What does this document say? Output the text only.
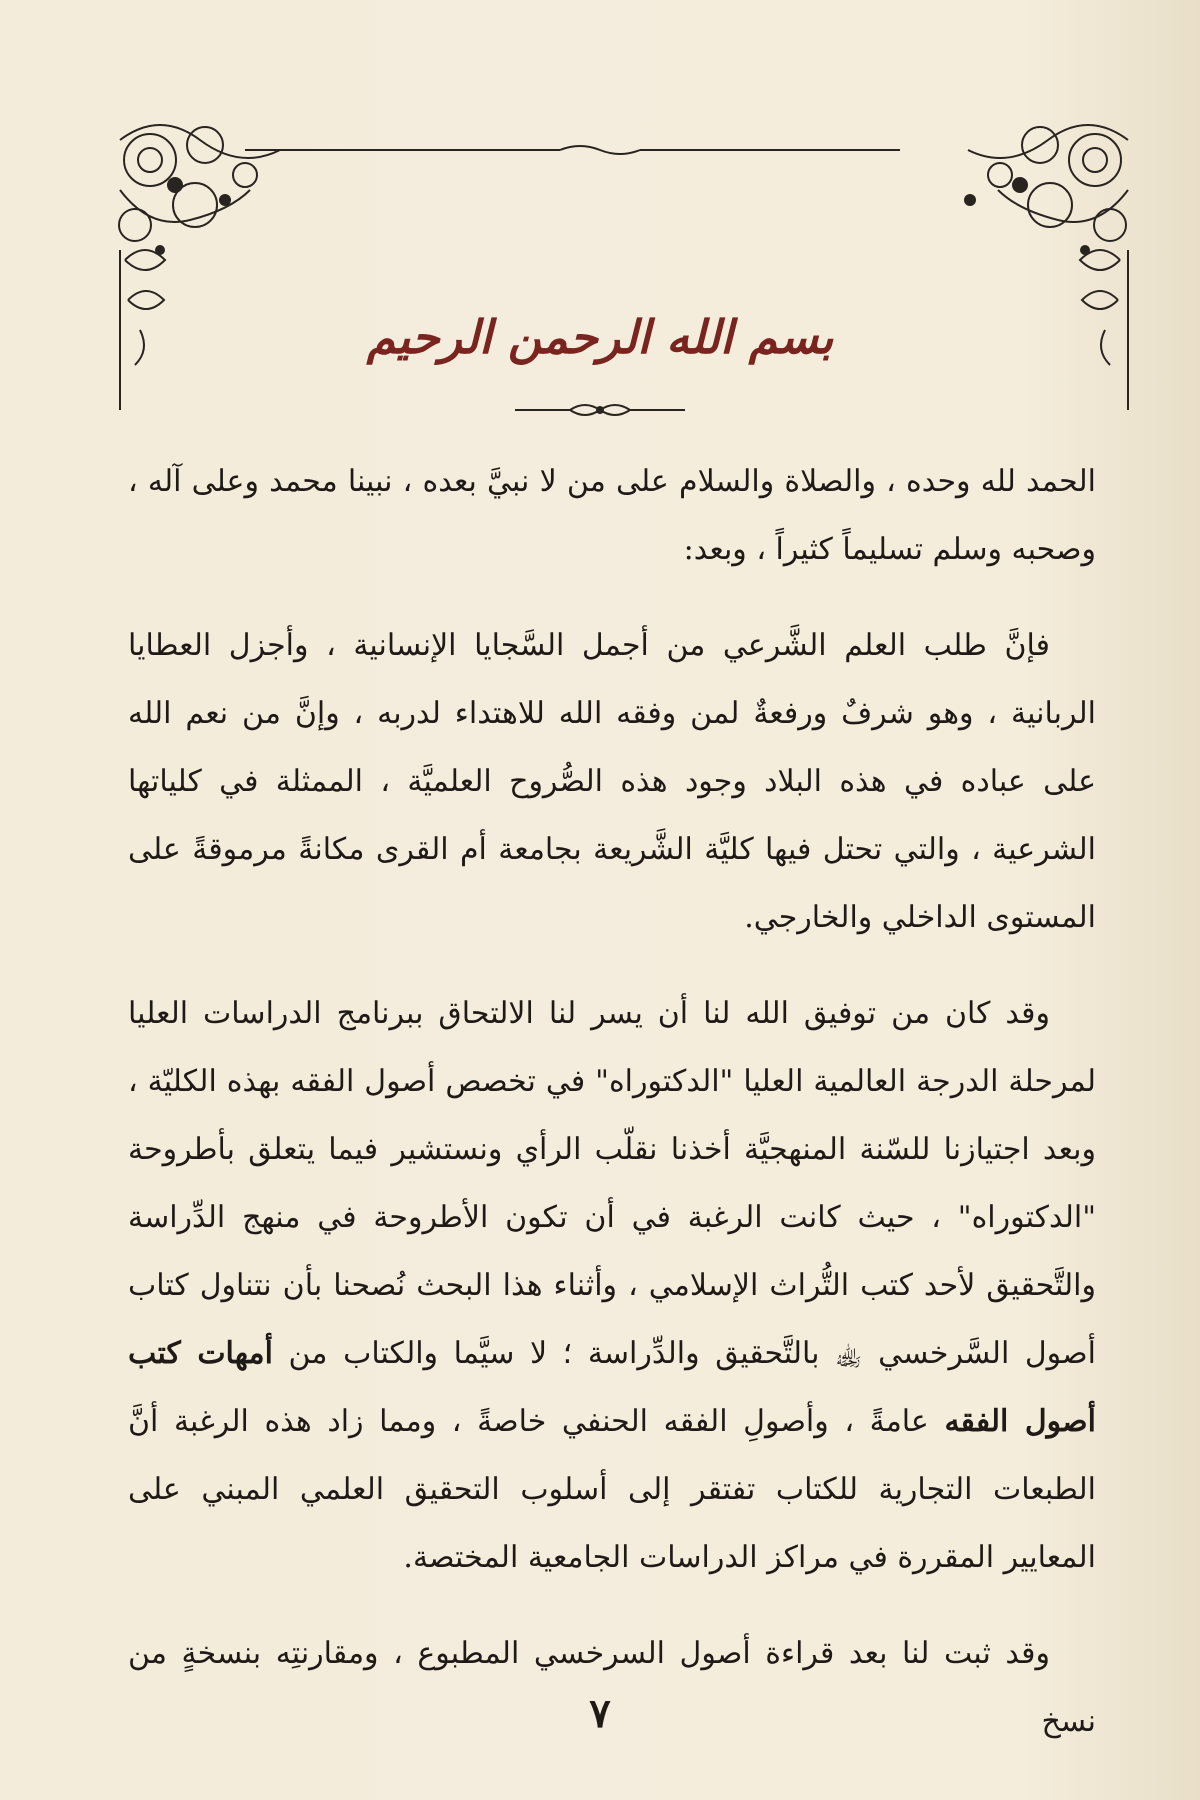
بسم الله الرحمن الرحيم

الحمد لله وحده ، والصلاة والسلام على من لا نبيَّ بعده ، نبينا محمد وعلى آله ، وصحبه وسلم تسليماً كثيراً ، وبعد:

فإنَّ طلب العلم الشَّرعي من أجمل السَّجايا الإنسانية ، وأجزل العطايا الربانية ، وهو شرفٌ ورفعةٌ لمن وفقه الله للاهتداء لدربه ، وإنَّ من نعم الله على عباده في هذه البلاد وجود هذه الصُّروح العلميَّة ، الممثلة في كلياتها الشرعية ، والتي تحتل فيها كليَّة الشَّريعة بجامعة أم القرى مكانةً مرموقةً على المستوى الداخلي والخارجي.

وقد كان من توفيق الله لنا أن يسر لنا الالتحاق ببرنامج الدراسات العليا لمرحلة الدرجة العالمية العليا "الدكتوراه" في تخصص أصول الفقه بهذه الكليّة ، وبعد اجتيازنا للسّنة المنهجيَّة أخذنا نقلّب الرأي ونستشير فيما يتعلق بأطروحة "الدكتوراه" ، حيث كانت الرغبة في أن تكون الأطروحة في منهج الدِّراسة والتَّحقيق لأحد كتب التُّراث الإسلامي ، وأثناء هذا البحث نُصحنا بأن نتناول كتاب أصول السَّرخسي ﵀ بالتَّحقيق والدِّراسة ؛ لا سيَّما والكتاب من أمهات كتب أصول الفقه عامةً ، وأصولِ الفقه الحنفي خاصةً ، ومما زاد هذه الرغبة أنَّ الطبعات التجارية للكتاب تفتقر إلى أسلوب التحقيق العلمي المبني على المعايير المقررة في مراكز الدراسات الجامعية المختصة.

وقد ثبت لنا بعد قراءة أصول السرخسي المطبوع ، ومقارنتِه بنسخةٍ من نسخ

٧
